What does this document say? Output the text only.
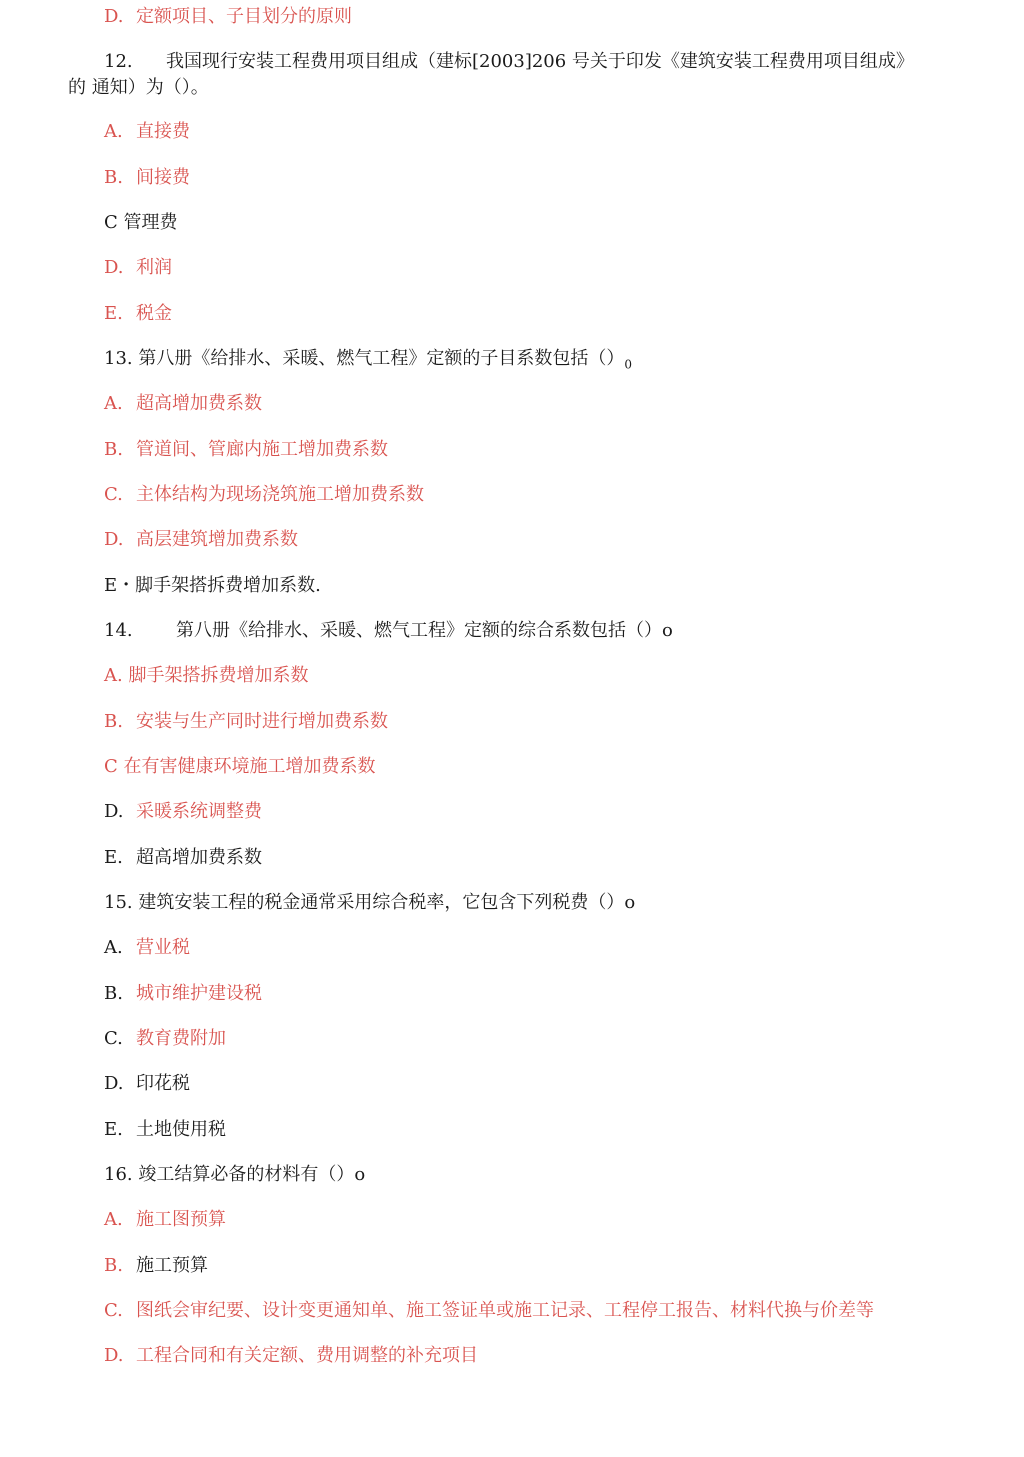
D. 定额项目、子目划分的原则
12. 我国现行安装工程费用项目组成（建标[2003]206 号关于印发《建筑安装工程费用项目组成》
的 通知）为（）。
A. 直接费
B. 间接费
C 管理费
D. 利润
E. 税金
13. 第八册《给排水、采暖、燃气工程》定额的子目系数包括$()_0$
A. 超高增加费系数
B. 管道间、管廊内施工增加费系数
C. 主体结构为现场浇筑施工增加费系数
D. 高层建筑增加费系数
E・脚手架搭拆费增加系数.
14. 第八册《给排水、采暖、燃气工程》定额的综合系数包括（）o
A. 脚手架搭拆费增加系数
B. 安装与生产同时进行增加费系数
C 在有害健康环境施工增加费系数
D. 采暖系统调整费
E. 超高增加费系数
15. 建筑安装工程的税金通常采用综合税率，它包含下列税费（）o
A. 营业税
B. 城市维护建设税
C. 教育费附加
D. 印花税
E. 土地使用税
16. 竣工结算必备的材料有（）o
A. 施工图预算
B. 施工预算
C. 图纸会审纪要、设计变更通知单、施工签证单或施工记录、工程停工报告、材料代换与价差等
D. 工程合同和有关定额、费用调整的补充项目
